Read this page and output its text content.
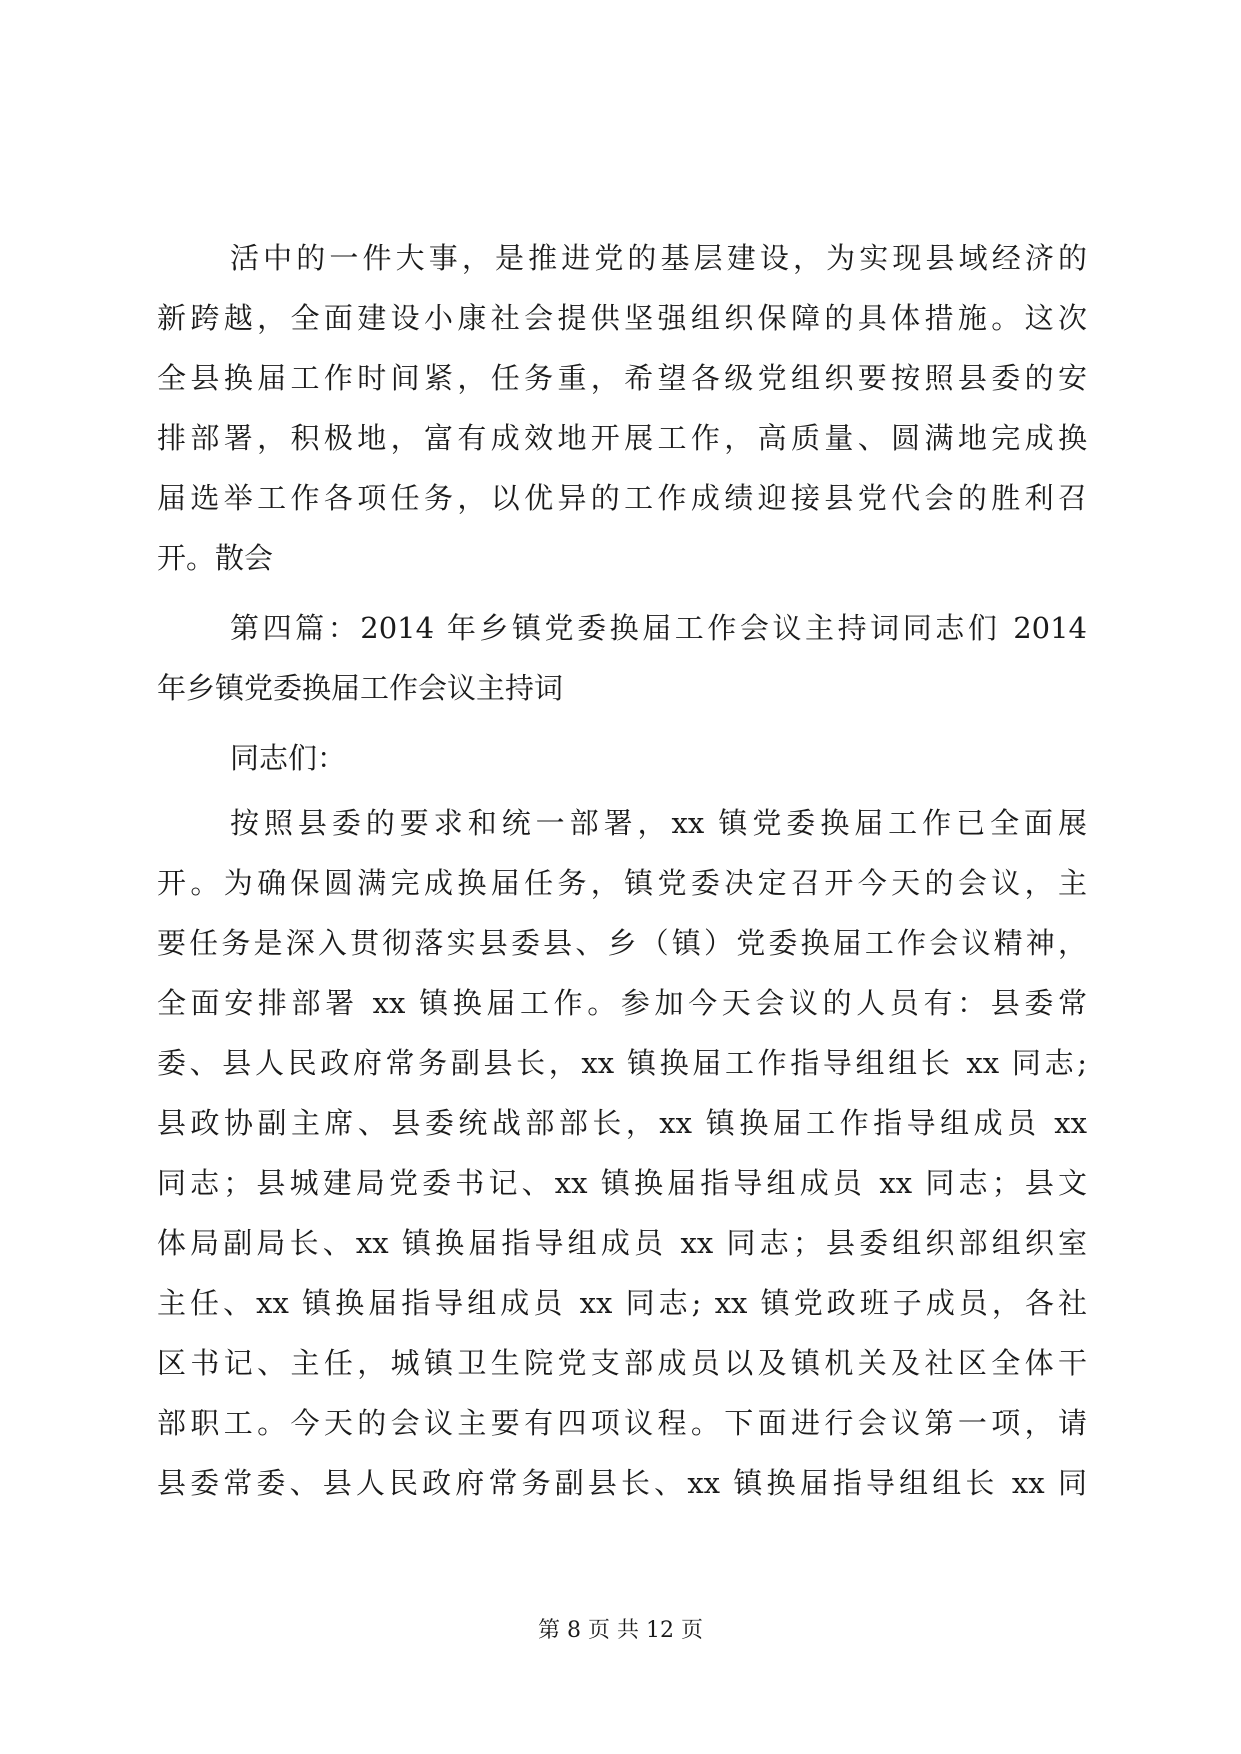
活中的一件大事，是推进党的基层建设，为实现县域经济的
新跨越，全面建设小康社会提供坚强组织保障的具体措施。这次
全县换届工作时间紧，任务重，希望各级党组织要按照县委的安
排部署，积极地，富有成效地开展工作，高质量、圆满地完成换
届选举工作各项任务，以优异的工作成绩迎接县党代会的胜利召
开。散会
第四篇：2014 年乡镇党委换届工作会议主持词同志们 2014
年乡镇党委换届工作会议主持词
同志们：
按照县委的要求和统一部署，xx 镇党委换届工作已全面展
开。为确保圆满完成换届任务，镇党委决定召开今天的会议，主
要任务是深入贯彻落实县委县、乡（镇）党委换届工作会议精神，
全面安排部署 xx 镇换届工作。参加今天会议的人员有：县委常
委、县人民政府常务副县长，xx 镇换届工作指导组组长 xx 同志;
县政协副主席、县委统战部部长，xx 镇换届工作指导组成员 xx
同志；县城建局党委书记、xx 镇换届指导组成员 xx 同志；县文
体局副局长、xx 镇换届指导组成员 xx 同志；县委组织部组织室
主任、xx 镇换届指导组成员 xx 同志; xx 镇党政班子成员，各社
区书记、主任，城镇卫生院党支部成员以及镇机关及社区全体干
部职工。今天的会议主要有四项议程。下面进行会议第一项，请
县委常委、县人民政府常务副县长、xx 镇换届指导组组长 xx 同
第 8 页 共 12 页
